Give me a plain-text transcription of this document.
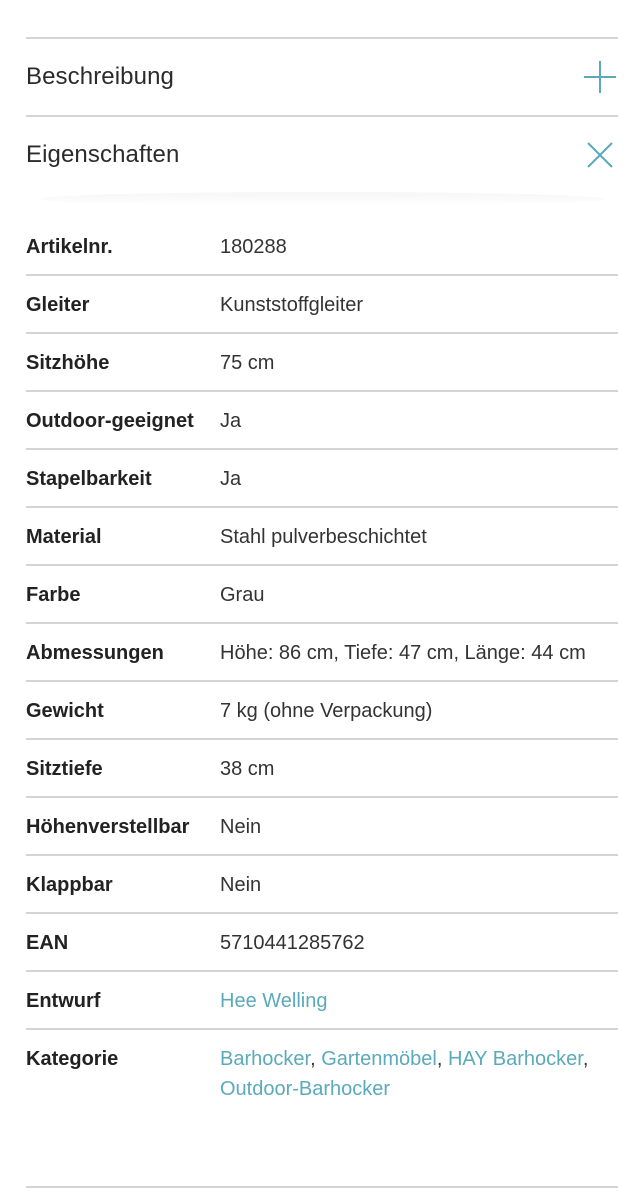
Beschreibung
Eigenschaften
Artikelnr.	180288
Gleiter	Kunststoffgleiter
Sitzhöhe	75 cm
Outdoor-geeignet	Ja
Stapelbarkeit	Ja
Material	Stahl pulverbeschichtet
Farbe	Grau
Abmessungen	Höhe: 86 cm, Tiefe: 47 cm, Länge: 44 cm
Gewicht	7 kg (ohne Verpackung)
Sitztiefe	38 cm
Höhenverstellbar	Nein
Klappbar	Nein
EAN	5710441285762
Entwurf	Hee Welling
Kategorie	Barhocker, Gartenmöbel, HAY Barhocker, Outdoor-Barhocker
